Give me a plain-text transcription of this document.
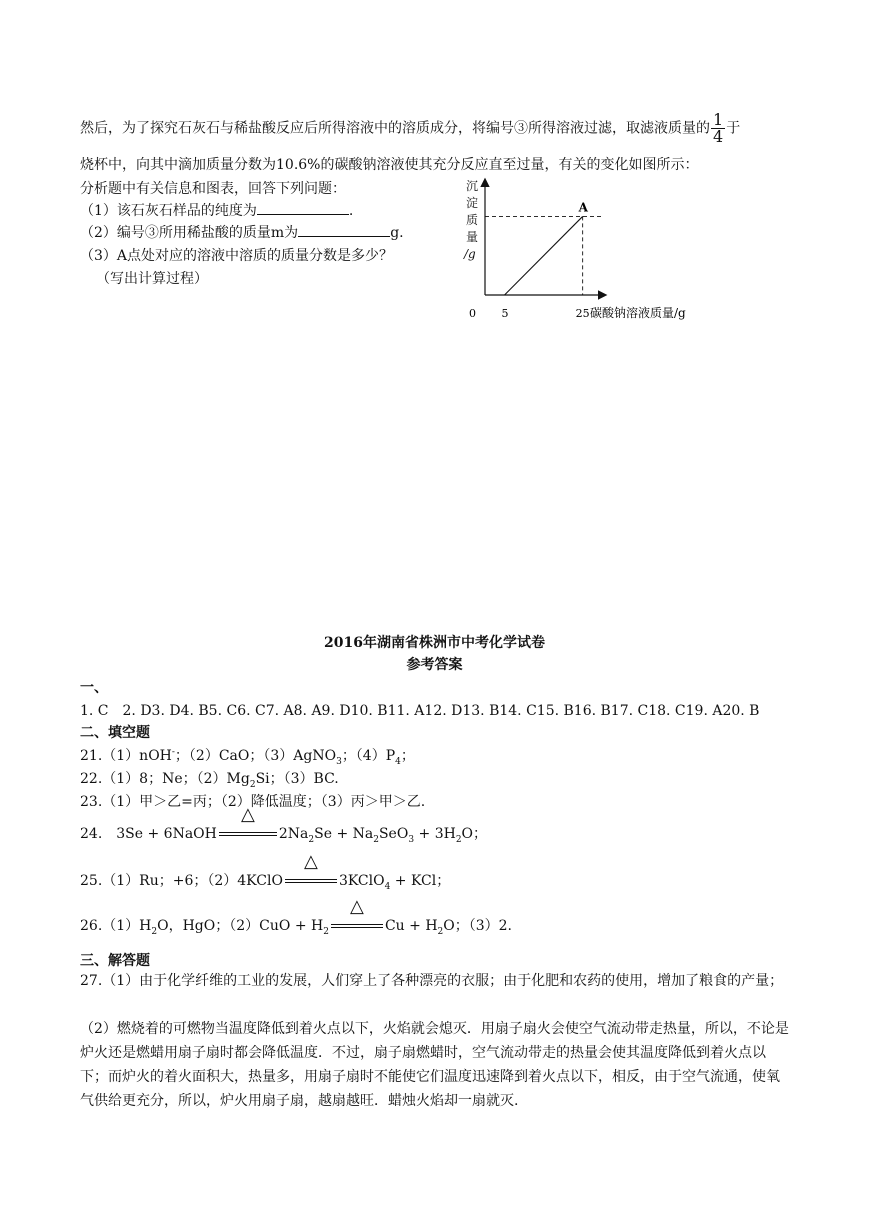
然后，为了探究石灰石与稀盐酸反应后所得溶液中的溶质成分，将编号③所得溶液过滤，取滤液质量的 $\frac{1}{4}$ 于
烧杯中，向其中滴加质量分数为10.6%的碳酸钠溶液使其充分反应直至过量，有关的变化如图所示：
分析题中有关信息和图表，回答下列问题：
（1）该石灰石样品的纯度为	.
（2）编号③所用稀盐酸的质量m为	g.
（3）A点处对应的溶液中溶质的质量分数是多少？
（写出计算过程）
沉
淀
质
量
/g
A
0 5	25 碳酸钠溶液质量/g
2016年湖南省株洲市中考化学试卷
参考答案
一、
1. C　2. D3. D4. B5. C6. C7. A8. A9. D10. B11. A12. D13. B14. C15. B16. B17. C18. C19. A20. B
二、填空题
21.（1）nOH-；（2）CaO；（3）AgNO$_3$；$(4)P_4$；
22.（1）8；Ne；$(2)Mg_2Si$；（3）BC.
23.（1）甲＞乙=丙；（2）降低温度；（3）丙＞甲＞乙.
24.　3Se + 6NaOH
△
$2Na_2Se + Na_2SeO_3 + 3H_2O$；
25.（1）Ru；+6；（2）4KClO
△
3KClO$_4$ + KCl；
$26.(1)H_2O$，HgO；$(2)CuO + H_2$
△
$Cu + H_2O$；（3）2.
三、解答题
27.（1）由于化学纤维的工业的发展，人们穿上了各种漂亮的衣服；由于化肥和农药的使用，增加了粮食的产量；
（2）燃烧着的可燃物当温度降低到着火点以下，火焰就会熄灭．用扇子扇火会使空气流动带走热量，所以，不论是炉火还是燃蜡用扇子扇时都会降低温度．不过，扇子扇燃蜡时，空气流动带走的热量会使其温度降低到着火点以下；而炉火的着火面积大，热量多，用扇子扇时不能使它们温度迅速降到着火点以下，相反，由于空气流通，使氧气供给更充分，所以，炉火用扇子扇，越扇越旺．蜡烛火焰却一扇就灭.
